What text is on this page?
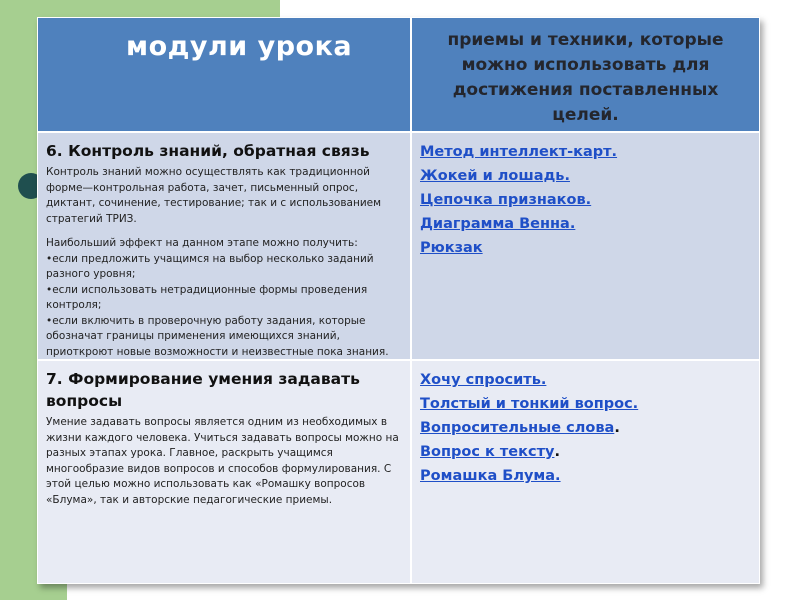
модули урока	приемы и техники, которые можно использовать для достижения поставленных целей.
6. Контроль знаний, обратная связь
Контроль знаний можно осуществлять как традиционной форме—контрольная работа, зачет, письменный опрос, диктант, сочинение, тестирование; так и с использованием стратегий ТРИЗ.
Наибольший эффект на данном этапе можно получить:
•если предложить учащимся на выбор несколько заданий разного уровня;
•если использовать нетрадиционные формы проведения контроля;
•если включить в проверочную работу задания, которые обозначат границы применения имеющихся знаний, приоткроют новые возможности и неизвестные пока знания.
Метод интеллект-карт.
Жокей и лошадь.
Цепочка признаков.
Диаграмма Венна.
Рюкзак
7. Формирование умения задавать вопросы
Умение задавать вопросы является одним из необходимых в жизни каждого человека. Учиться задавать вопросы можно на разных этапах урока. Главное, раскрыть учащимся многообразие видов вопросов и способов формулирования. С этой целью можно использовать как «Ромашку вопросов «Блума», так и авторские педагогические приемы.
Хочу спросить.
Толстый и тонкий вопрос.
Вопросительные слова.
Вопрос к тексту.
Ромашка Блума.
